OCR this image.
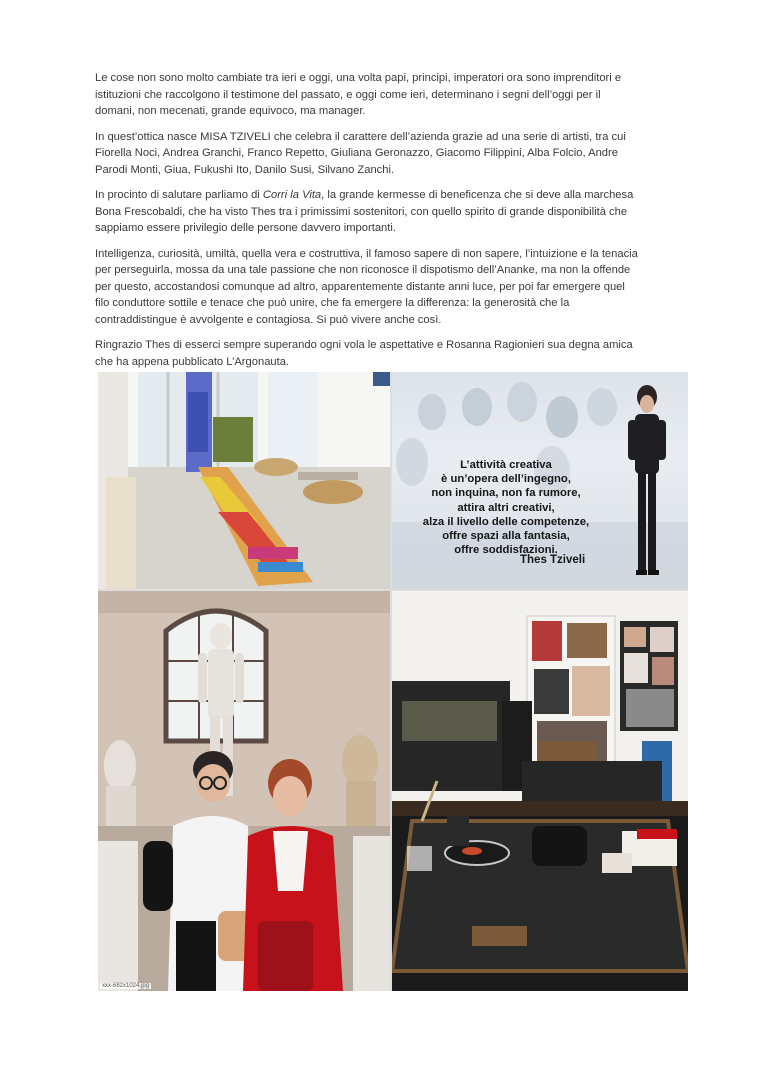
Le cose non sono molto cambiate tra ieri e oggi, una volta papi, principi, imperatori ora sono imprenditori e istituzioni che raccolgono il testimone del passato, e oggi come ieri, determinano i segni dell’oggi per il domani, non mecenati, grande equivoco, ma manager.

In quest’ottica nasce MISA TZIVELI che celebra il carattere dell’azienda grazie ad una serie di artisti, tra cui Fiorella Noci, Andrea Granchi, Franco Repetto, Giuliana Geronazzo, Giacomo Filippini, Alba Folcio, Andre Parodi Monti, Giua, Fukushi Ito, Danilo Susi, Silvano Zanchi.

In procinto di salutare parliamo di Corri la Vita, la grande kermesse di beneficenza che si deve alla marchesa Bona Frescobaldi, che ha visto Thes tra i primissimi sostenitori, con quello spirito di grande disponibilità che sappiamo essere privilegio delle persone davvero importanti.

Intelligenza, curiosità, umiltà, quella vera e costruttiva, il famoso sapere di non sapere, l’intuizione e la tenacia per perseguirla, mossa da una tale passione che non riconosce il dispotismo dell’Ananke, ma non la offende per questo, accostandosi comunque ad altro, apparentemente distante anni luce, per poi far emergere quel filo conduttore sottile e tenace che può unire, che fa emergere la differenza: la generosità che la contraddistingue è avvolgente e contagiosa. Si può vivere anche così.

Ringrazio Thes di esserci sempre superando ogni vola le aspettative e Rosanna Ragionieri sua degna amica che ha appena pubblicato L’Argonauta.

L’attività creativa
è un’opera dell’ingegno,
non inquina, non fa rumore,
attira altri creativi,
alza il livello delle competenze,
offre spazi alla fantasia,
offre soddisfazioni.
Thes Tziveli
xxx-682x1024.jpg
